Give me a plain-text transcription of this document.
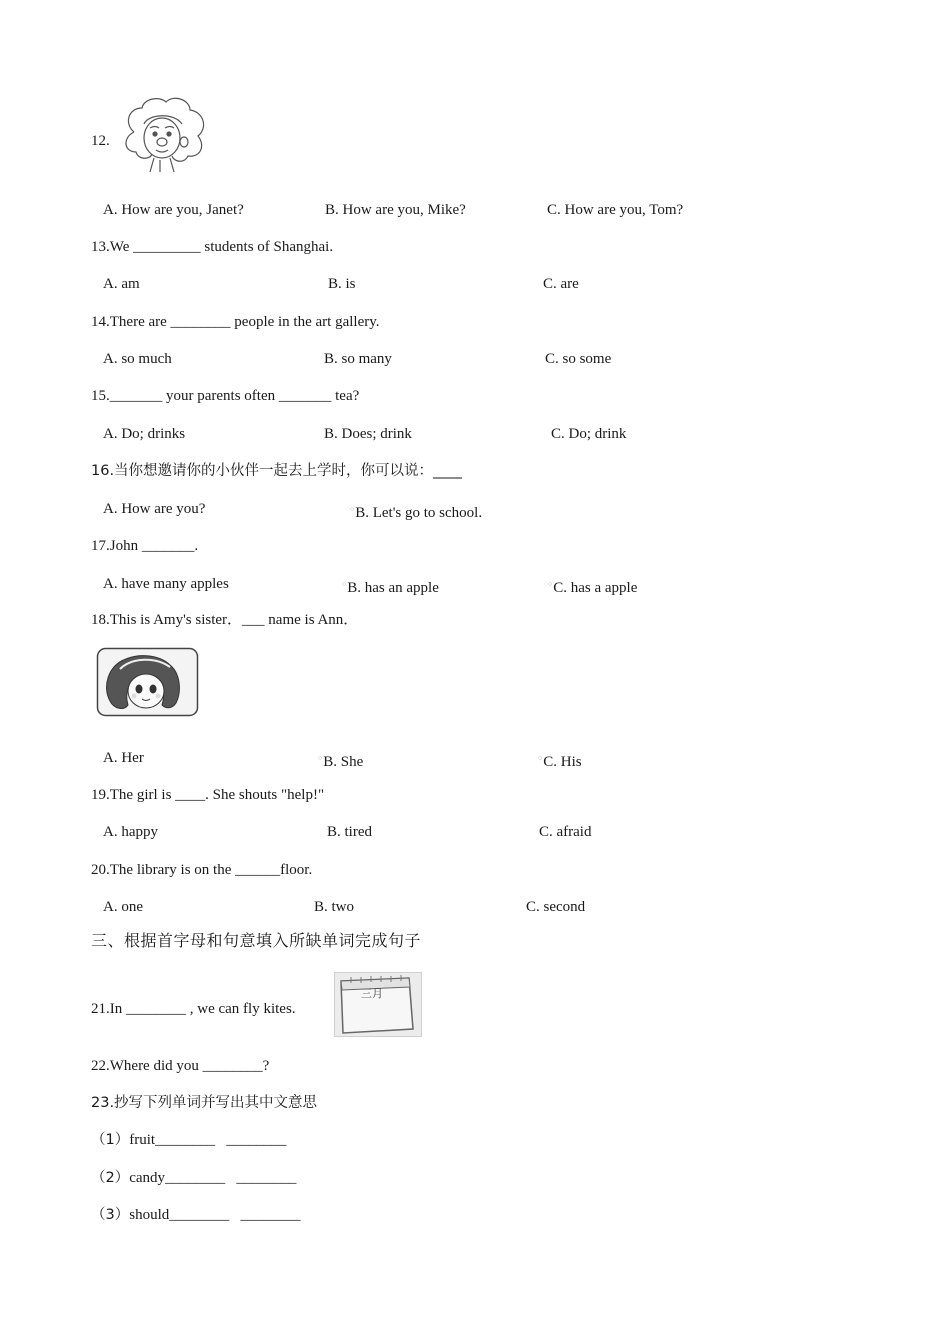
12.
A. How are you, Janet?	B. How are you, Mike?	C. How are you, Tom?
13.We _________ students of Shanghai.
A. am	B. is	C. are
14.There are ________ people in the art gallery.
A. so much	B. so many	C. so some
15._______ your parents often _______ tea?
A. Do; drinks	B. Does; drink	C. Do; drink
16.当你想邀请你的小伙伴一起去上学时，你可以说：____
A. How are you?	○B. Let's go to school.
17.John _______.
A. have many apples	○B. has an apple	○C. has a apple
18.This is Amy's sister．___ name is Ann．
A. Her	○B. She	○C. His
19.The girl is ____. She shouts "help!"
A. happy	B. tired	C. afraid
20.The library is on the ______floor.
A. one	B. two	C. second
三、根据首字母和句意填入所缺单词完成句子
21.In ________ , we can fly kites.
三月
22.Where did you ________?
23.抄写下列单词并写出其中文意思
（1）fruit________   ________
（2）candy________   ________
（3）should________   ________
